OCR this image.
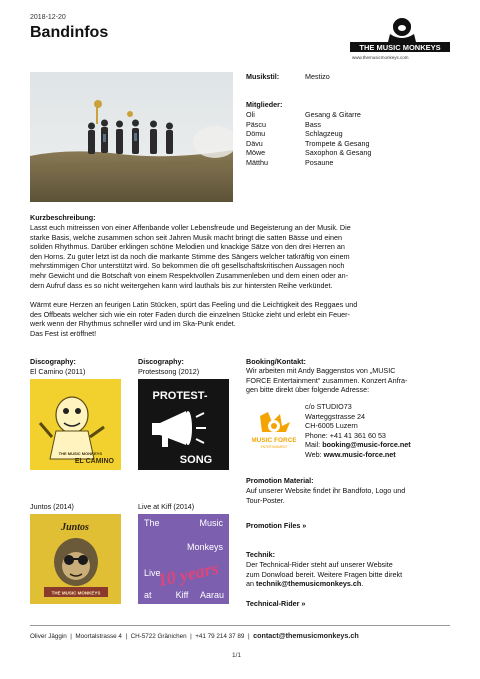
2018-12-20
Bandinfos
THE MUSIC MONKEYS
www.themusicmonkeys.com
Musikstil:	Mestizo
Mitglieder:
Oli	Gesang & Gitarre
Päscu	Bass
Dömu	Schlagzeug
Dävu	Trompete & Gesang
Möwe	Saxophon & Gesang
Mätthu	Posaune
Kurzbeschreibung:
Lasst euch mitreissen von einer Affenbande voller Lebensfreude und Begeisterung an der Musik. Die
starke Basis, welche zusammen schon seit Jahren Musik macht bringt die satten Bässe und einen
soliden Rhythmus. Darüber erklingen schöne Melodien und knackige Sätze von den drei Herren an
den Horns. Zu guter letzt ist da noch die markante Stimme des Sängers welcher tatkräftig von einem
mehrstimmigen Chor unterstützt wird. So bekommen die oft gesellschaftskritischen Aussagen noch
mehr Gewicht und die Botschaft von einem Respektvollen Zusammenleben und dem einen oder an-
dern Aufruf dass es so nicht weitergehen kann wird lauthals bis zur hintersten Reihe verkündet.
Wärmt eure Herzen an feurigen Latin Stücken, spürt das Feeling und die Leichtigkeit des Reggaes und
des Offbeats welcher sich wie ein roter Faden durch die einzelnen Stücke zieht und erlebt ein Feuer-
werk wenn der Rhythmus schneller wird und im Ska-Punk endet.
Das Fest ist eröffnet!
Discography:
El Camino (2011)
THE MUSIC MONKEYS
EL CAMINO
Juntos (2014)
Juntos
THE MUSIC MONKEYS
Discography:
Protestsong (2012)
PROTEST-
SONG
Live at Kiff (2014)
The	Music
Monkeys
Live
at	Kiff Aarau
10 years
Booking/Kontakt:
Wir arbeiten mit Andy Baggenstos von „MUSIC
FORCE Entertainment“ zusammen. Konzert Anfra-
gen bitte direkt über folgende Adresse:
MUSIC FORCE
ENTERTAINMENT
c/o STUDIO73
Warteggstrasse 24
CH-6005 Luzern
Phone: +41 41 361 60 53
Mail: booking@music-force.net
Web: www.music-force.net
Promotion Material:
Auf unserer Website findet ihr Bandfoto, Logo und
Tour-Poster.
Promotion Files »
Technik:
Der Technical-Rider steht auf unserer Website
zum Donwload bereit. Weitere Fragen bitte direkt
an technik@themusicmonkeys.ch.
Technical-Rider »
Oliver Jäggin | Moortalstrasse 4 | CH-5722 Gränichen | +41 79 214 37 89 | contact@themusicmonkeys.ch
1/1
